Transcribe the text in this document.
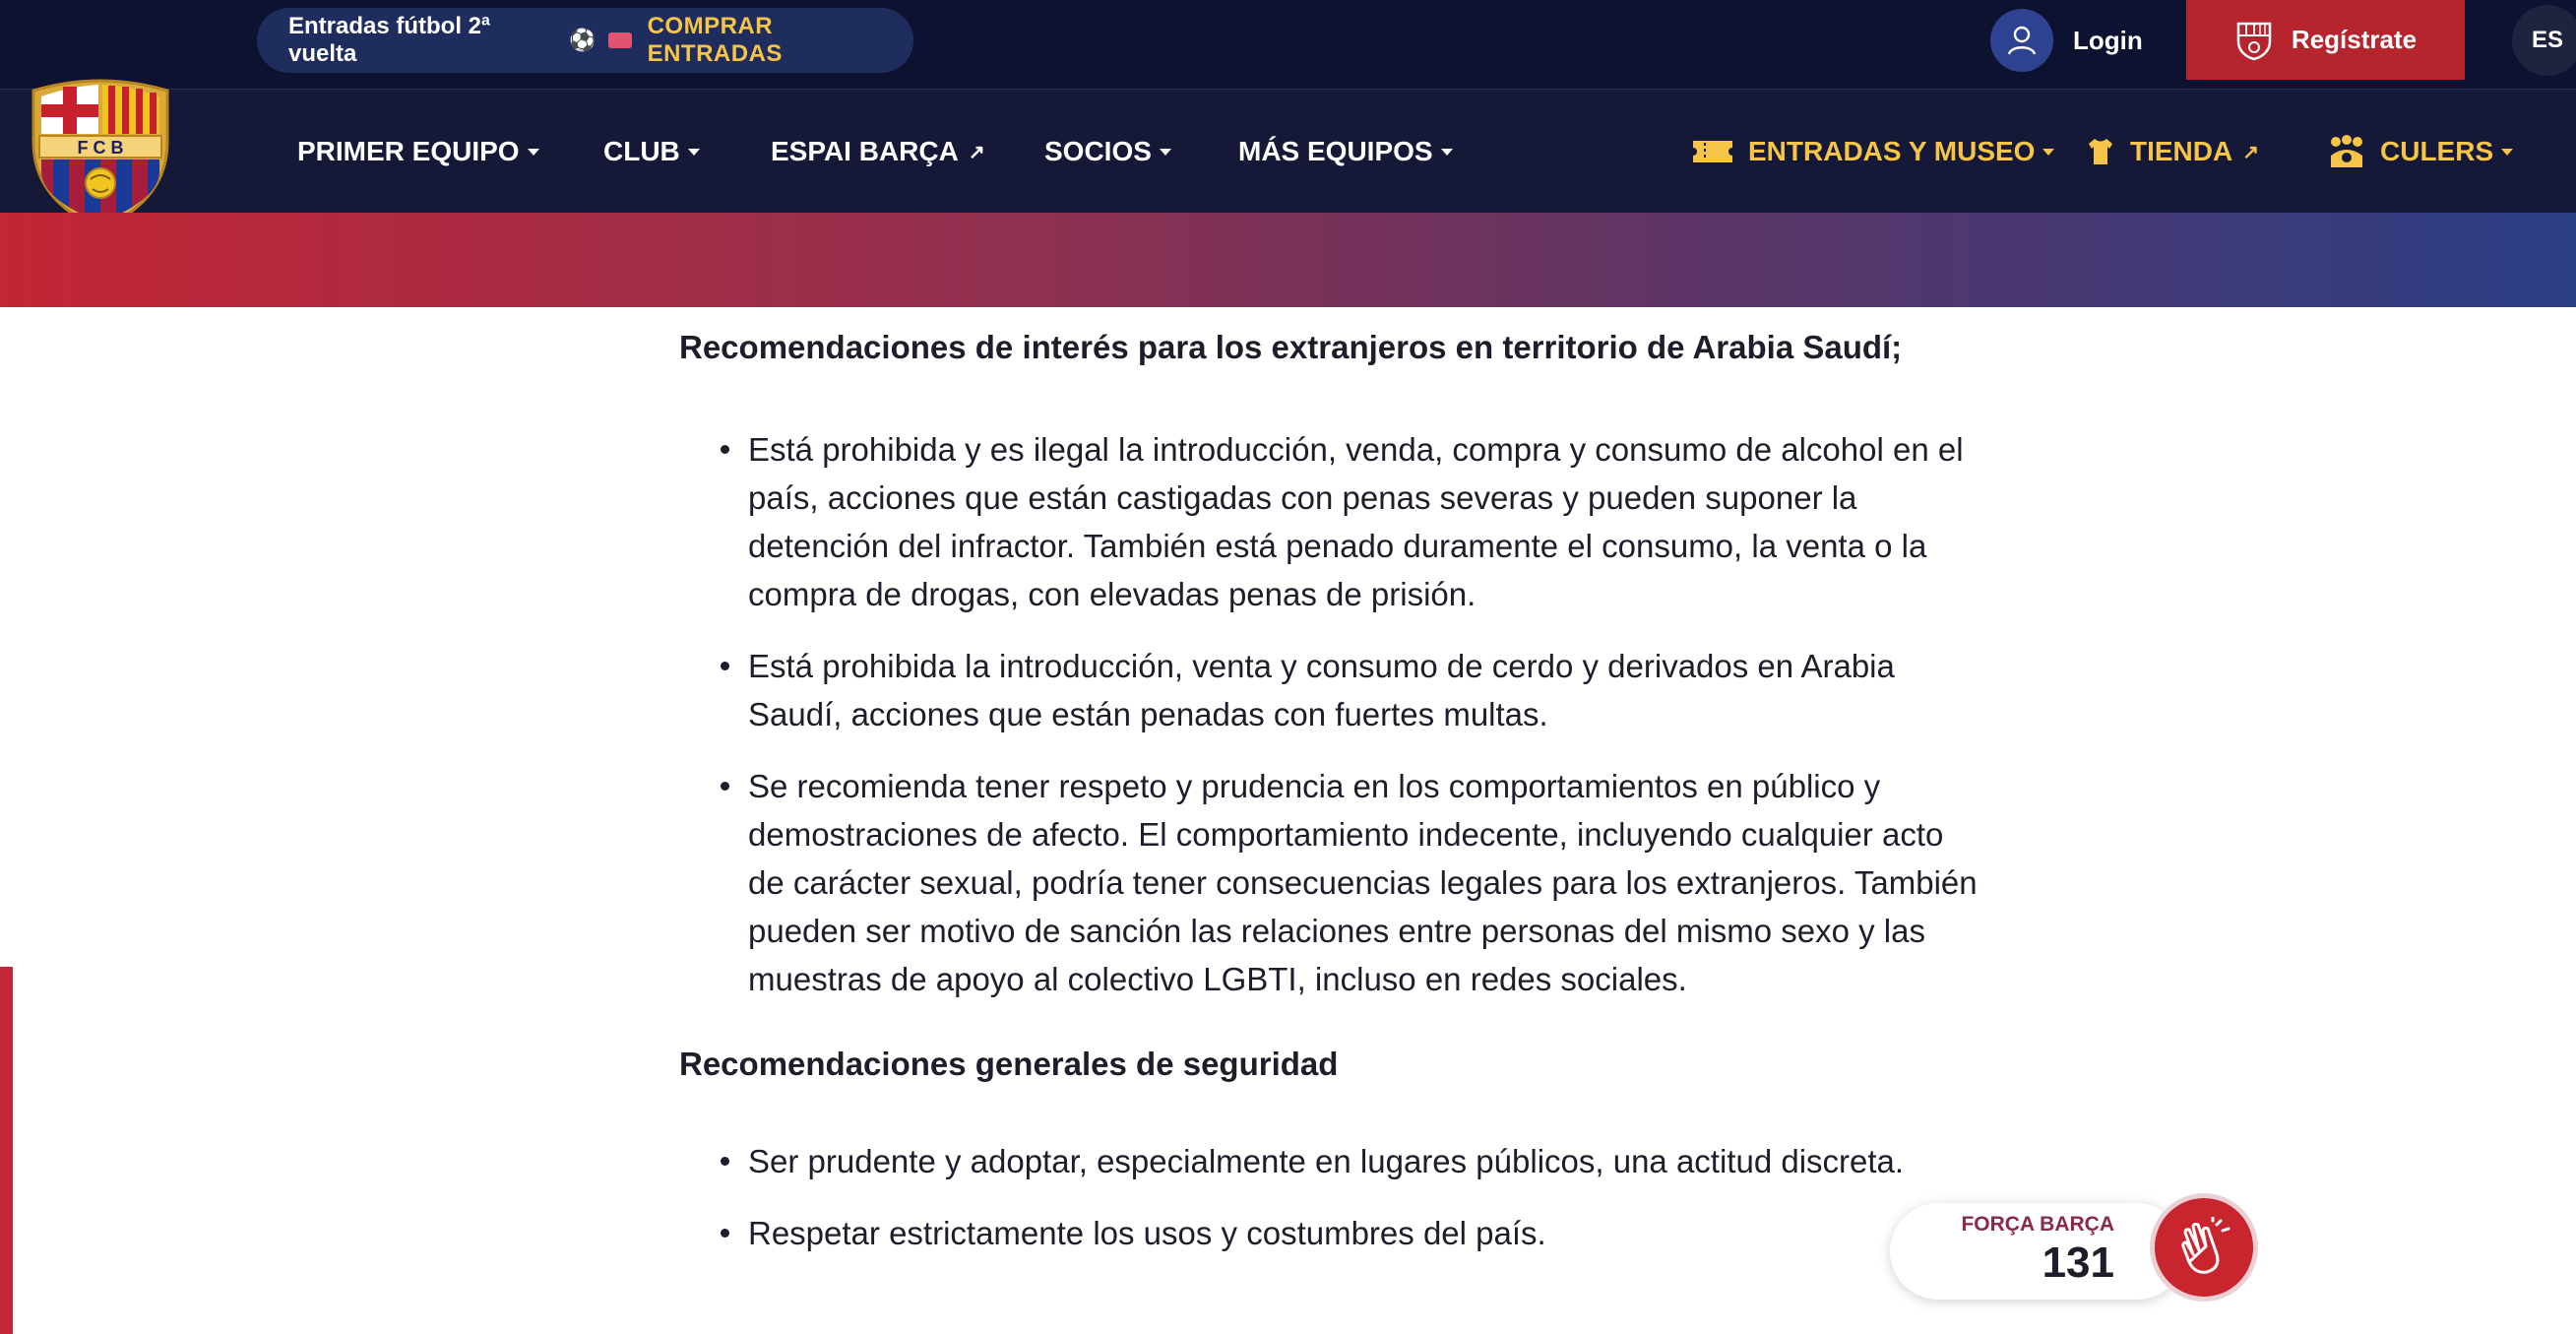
Entradas fútbol 2ª vuelta
⚽
COMPRAR ENTRADAS	Login	Regístrate	ES
F C B	PRIMER EQUIPO	CLUB	ESPAI BARÇA ↗ SOCIOS	MÁS EQUIPOS	ENTRADAS Y MUSEO	TIENDA ↗	CULERS
Recomendaciones de interés para los extranjeros en territorio de Arabia Saudí;
Está prohibida y es ilegal la introducción, venda, compra y consumo de alcohol en el país, acciones que están castigadas con penas severas y pueden suponer la detención del infractor. También está penado duramente el consumo, la venta o la compra de drogas, con elevadas penas de prisión.
Está prohibida la introducción, venta y consumo de cerdo y derivados en Arabia Saudí, acciones que están penadas con fuertes multas.
Se recomienda tener respeto y prudencia en los comportamientos en público y demostraciones de afecto. El comportamiento indecente, incluyendo cualquier acto de carácter sexual, podría tener consecuencias legales para los extranjeros. También pueden ser motivo de sanción las relaciones entre personas del mismo sexo y las muestras de apoyo al colectivo LGBTI, incluso en redes sociales.
Recomendaciones generales de seguridad
Ser prudente y adoptar, especialmente en lugares públicos, una actitud discreta.
Respetar estrictamente los usos y costumbres del país.	FORÇA BARÇA
131
